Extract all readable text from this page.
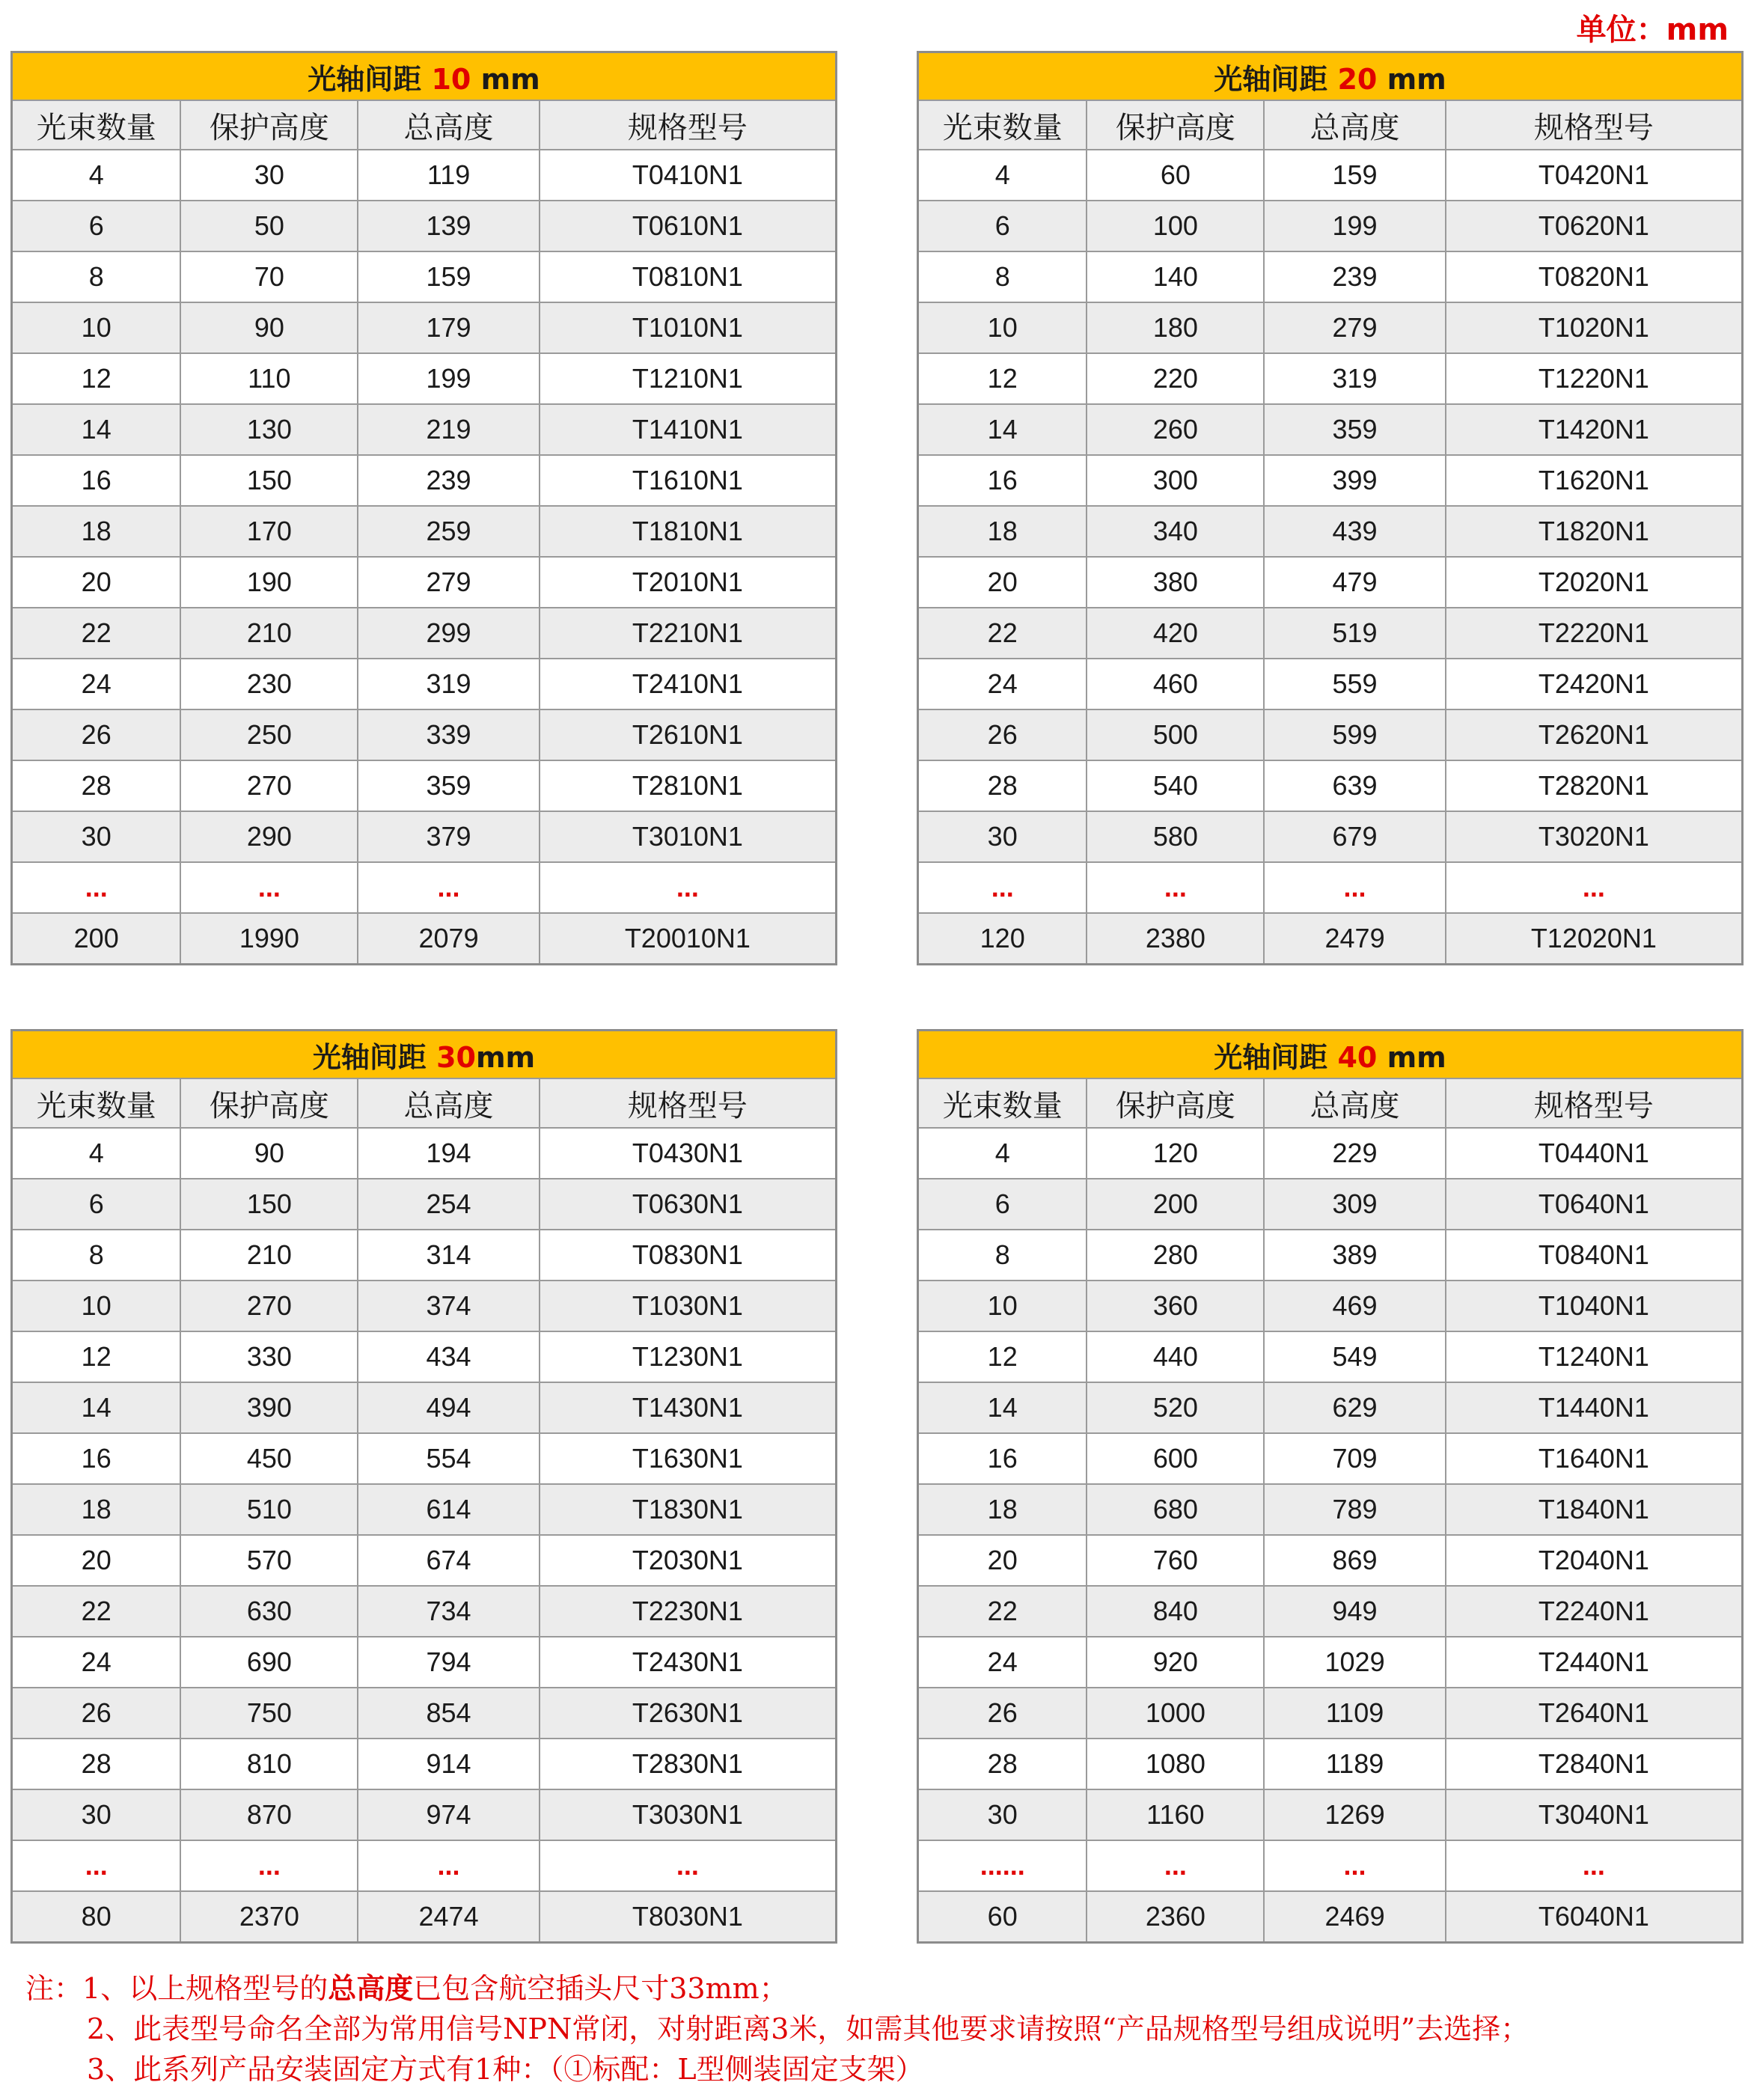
单位：mm
光轴间距 10 mm			
光束数量	保护高度	总高度	规格型号
4	30	119	T0410N1
6	50	139	T0610N1
8	70	159	T0810N1
10	90	179	T1010N1
12	110	199	T1210N1
14	130	219	T1410N1
16	150	239	T1610N1
18	170	259	T1810N1
20	190	279	T2010N1
22	210	299	T2210N1
24	230	319	T2410N1
26	250	339	T2610N1
28	270	359	T2810N1
30	290	379	T3010N1
...	...	...	...
200	1990	2079	T20010N1
光轴间距 20 mm			
光束数量	保护高度	总高度	规格型号
4	60	159	T0420N1
6	100	199	T0620N1
8	140	239	T0820N1
10	180	279	T1020N1
12	220	319	T1220N1
14	260	359	T1420N1
16	300	399	T1620N1
18	340	439	T1820N1
20	380	479	T2020N1
22	420	519	T2220N1
24	460	559	T2420N1
26	500	599	T2620N1
28	540	639	T2820N1
30	580	679	T3020N1
...	...	...	...
120	2380	2479	T12020N1
光轴间距 30mm			
光束数量	保护高度	总高度	规格型号
4	90	194	T0430N1
6	150	254	T0630N1
8	210	314	T0830N1
10	270	374	T1030N1
12	330	434	T1230N1
14	390	494	T1430N1
16	450	554	T1630N1
18	510	614	T1830N1
20	570	674	T2030N1
22	630	734	T2230N1
24	690	794	T2430N1
26	750	854	T2630N1
28	810	914	T2830N1
30	870	974	T3030N1
...	...	...	...
80	2370	2474	T8030N1
光轴间距 40 mm			
光束数量	保护高度	总高度	规格型号
4	120	229	T0440N1
6	200	309	T0640N1
8	280	389	T0840N1
10	360	469	T1040N1
12	440	549	T1240N1
14	520	629	T1440N1
16	600	709	T1640N1
18	680	789	T1840N1
20	760	869	T2040N1
22	840	949	T2240N1
24	920	1029	T2440N1
26	1000	1109	T2640N1
28	1080	1189	T2840N1
30	1160	1269	T3040N1
......	...	...	...
60	2360	2469	T6040N1
注：1、以上规格型号的总高度已包含航空插头尺寸33mm；
2、此表型号命名全部为常用信号NPN常闭，对射距离3米，如需其他要求请按照“产品规格型号组成说明”去选择；
3、此系列产品安装固定方式有1种：（①标配：L型侧装固定支架）
